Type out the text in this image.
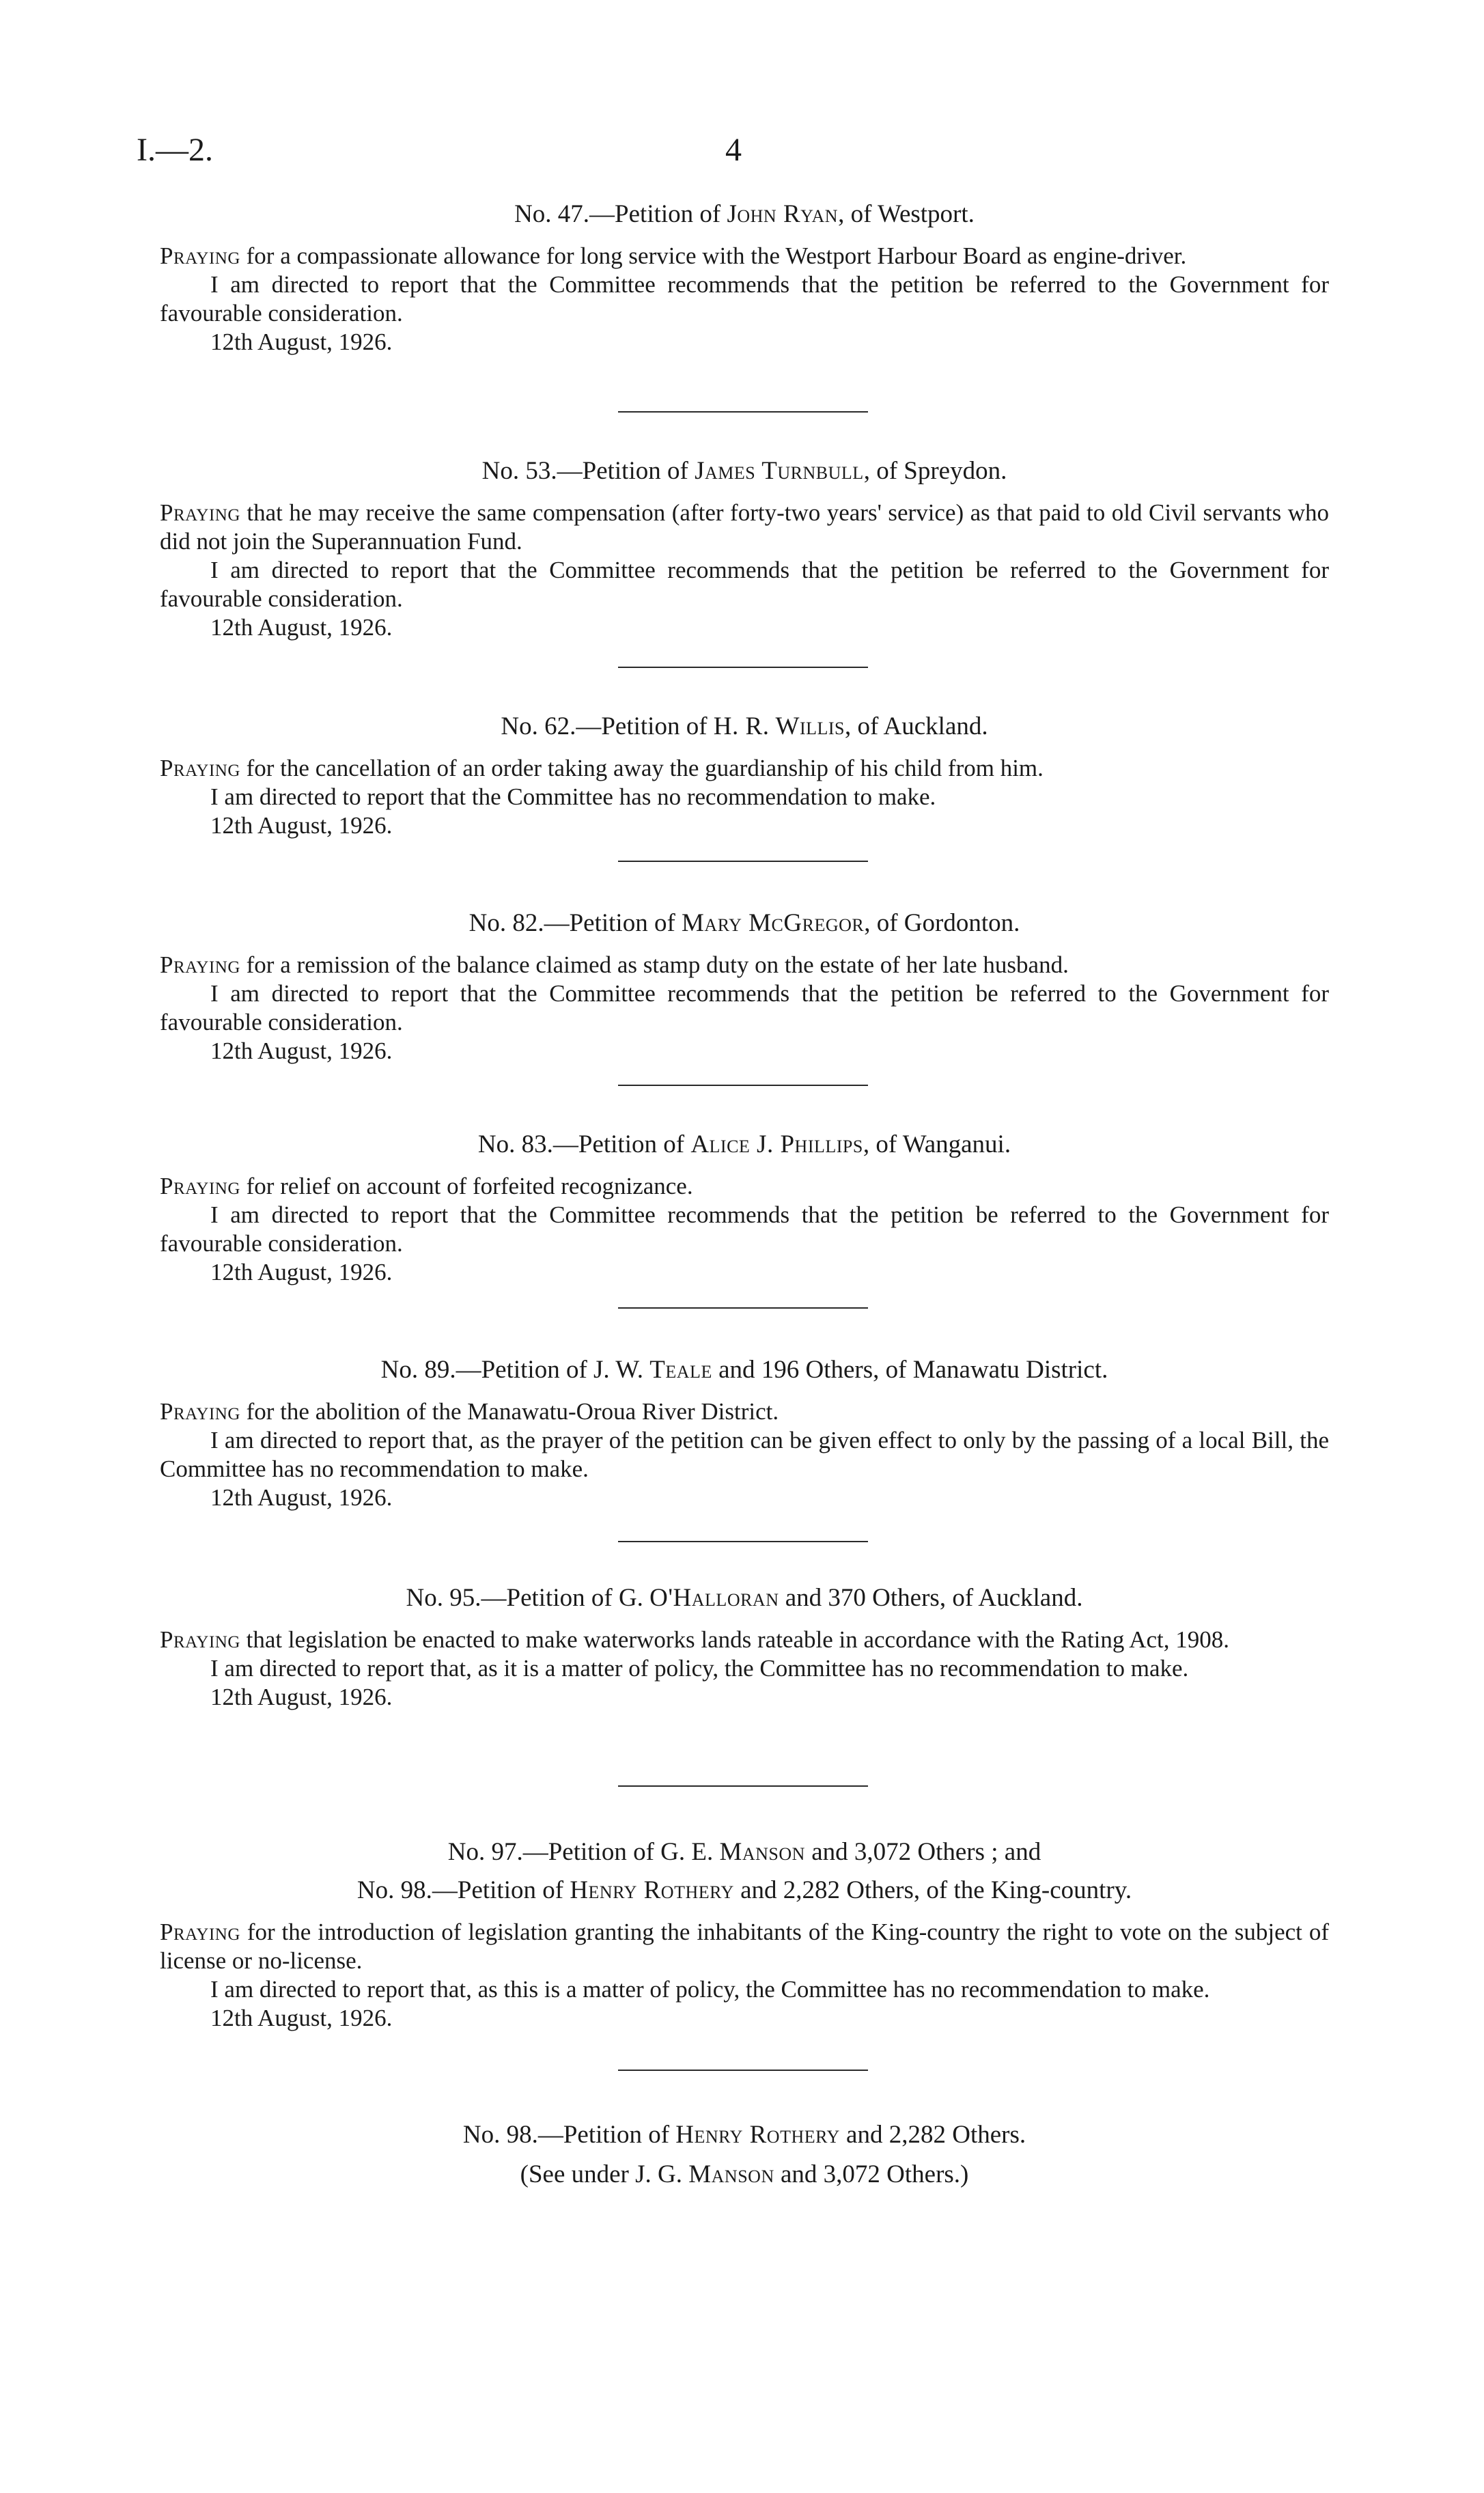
I.—2.	4

No. 47.—Petition of John Ryan, of Westport.

Praying for a compassionate allowance for long service with the Westport Harbour Board as engine-driver.

I am directed to report that the Committee recommends that the petition be referred to the Government for favourable consideration.

12th August, 1926.

No. 53.—Petition of James Turnbull, of Spreydon.

Praying that he may receive the same compensation (after forty-two years' service) as that paid to old Civil servants who did not join the Superannuation Fund.

I am directed to report that the Committee recommends that the petition be referred to the Government for favourable consideration.

12th August, 1926.

No. 62.—Petition of H. R. Willis, of Auckland.

Praying for the cancellation of an order taking away the guardianship of his child from him.

I am directed to report that the Committee has no recommendation to make.

12th August, 1926.

No. 82.—Petition of Mary McGregor, of Gordonton.

Praying for a remission of the balance claimed as stamp duty on the estate of her late husband.

I am directed to report that the Committee recommends that the petition be referred to the Government for favourable consideration.

12th August, 1926.

No. 83.—Petition of Alice J. Phillips, of Wanganui.

Praying for relief on account of forfeited recognizance.

I am directed to report that the Committee recommends that the petition be referred to the Government for favourable consideration.

12th August, 1926.

No. 89.—Petition of J. W. Teale and 196 Others, of Manawatu District.

Praying for the abolition of the Manawatu-Oroua River District.

I am directed to report that, as the prayer of the petition can be given effect to only by the passing of a local Bill, the Committee has no recommendation to make.

12th August, 1926.

No. 95.—Petition of G. O'Halloran and 370 Others, of Auckland.

Praying that legislation be enacted to make waterworks lands rateable in accordance with the Rating Act, 1908.

I am directed to report that, as it is a matter of policy, the Committee has no recommendation to make.

12th August, 1926.

No. 97.—Petition of G. E. Manson and 3,072 Others ; and

No. 98.—Petition of Henry Rothery and 2,282 Others, of the King-country.

Praying for the introduction of legislation granting the inhabitants of the King-country the right to vote on the subject of license or no-license.

I am directed to report that, as this is a matter of policy, the Committee has no recommendation to make.

12th August, 1926.

No. 98.—Petition of Henry Rothery and 2,282 Others.

(See under J. G. Manson and 3,072 Others.)
